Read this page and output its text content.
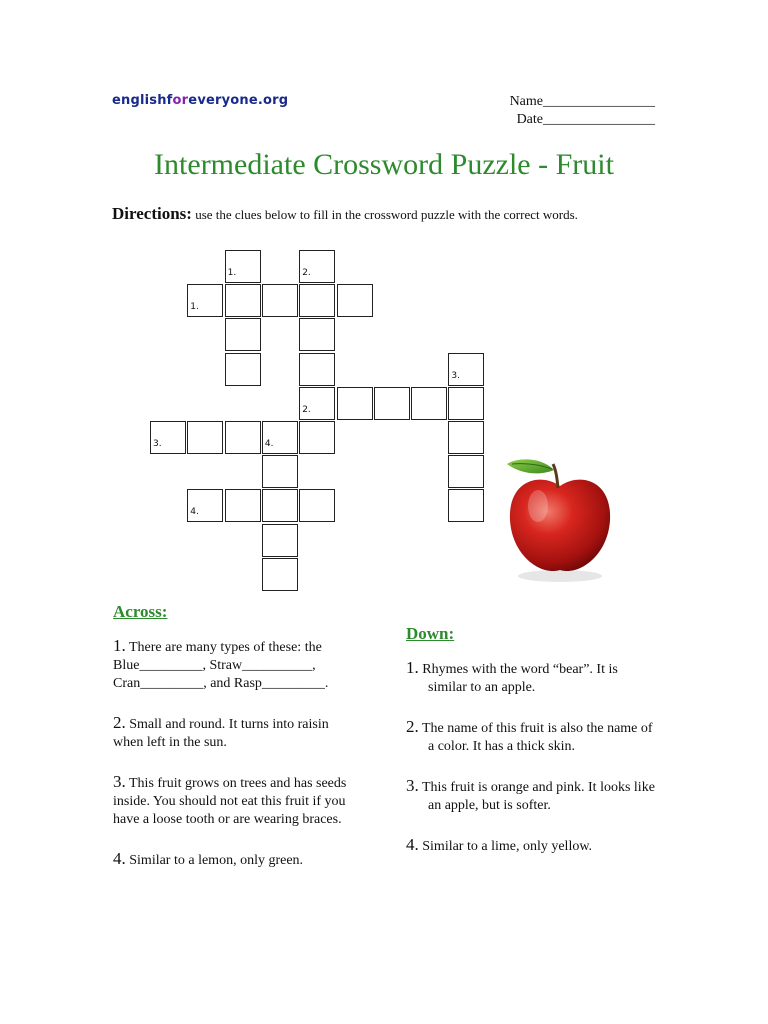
englishforeveryone.org	Name________________
Date________________
Intermediate Crossword Puzzle - Fruit
Directions: use the clues below to fill in the crossword puzzle with the correct words.
1.	2.
1.
3.
2.
3.	4.
4.
Across:
1. There are many types of these: the Blue_________, Straw__________, Cran_________, and Rasp_________.
2. Small and round. It turns into raisin when left in the sun.
3. This fruit grows on trees and has seeds inside. You should not eat this fruit if you have a loose tooth or are wearing braces.
4. Similar to a lemon, only green.
Down:
1. Rhymes with the word “bear”. It is similar to an apple.
2. The name of this fruit is also the name of a color. It has a thick skin.
3. This fruit is orange and pink. It looks like an apple, but is softer.
4. Similar to a lime, only yellow.
